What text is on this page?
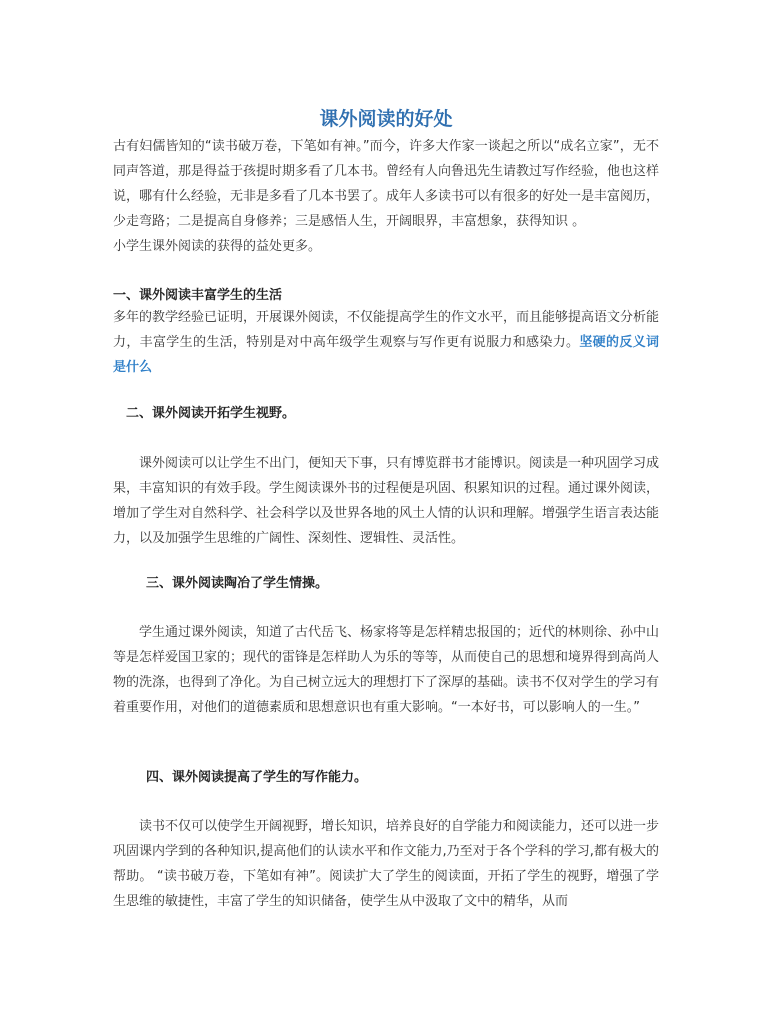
课外阅读的好处

古有妇儒皆知的“读书破万卷，下笔如有神。”而今，许多大作家一谈起之所以“成名立家”，无不同声答道，那是得益于孩提时期多看了几本书。曾经有人向鲁迅先生请教过写作经验，他也这样说，哪有什么经验，无非是多看了几本书罢了。成年人多读书可以有很多的好处一是丰富阅历，少走弯路；二是提高自身修养；三是感悟人生，开阔眼界，丰富想象，获得知识 。

小学生课外阅读的获得的益处更多。

一、课外阅读丰富学生的生活

多年的教学经验已证明，开展课外阅读，不仅能提高学生的作文水平，而且能够提高语文分析能力，丰富学生的生活，特别是对中高年级学生观察与写作更有说服力和感染力。坚硬的反义词是什么

二、课外阅读开拓学生视野。

课外阅读可以让学生不出门，便知天下事，只有博览群书才能博识。阅读是一种巩固学习成果，丰富知识的有效手段。学生阅读课外书的过程便是巩固、积累知识的过程。通过课外阅读，增加了学生对自然科学、社会科学以及世界各地的风土人情的认识和理解。增强学生语言表达能力，以及加强学生思维的广阔性、深刻性、逻辑性、灵活性。

三、课外阅读陶冶了学生情操。

学生通过课外阅读，知道了古代岳飞、杨家将等是怎样精忠报国的；近代的林则徐、孙中山等是怎样爱国卫家的；现代的雷锋是怎样助人为乐的等等，从而使自己的思想和境界得到高尚人物的洗涤，也得到了净化。为自己树立远大的理想打下了深厚的基础。读书不仅对学生的学习有着重要作用，对他们的道德素质和思想意识也有重大影响。“一本好书，可以影响人的一生。”

四、课外阅读提高了学生的写作能力。

读书不仅可以使学生开阔视野，增长知识，培养良好的自学能力和阅读能力，还可以进一步巩固课内学到的各种知识,提高他们的认读水平和作文能力,乃至对于各个学科的学习,都有极大的帮助。 “读书破万卷，下笔如有神”。阅读扩大了学生的阅读面，开拓了学生的视野，增强了学生思维的敏捷性，丰富了学生的知识储备，使学生从中汲取了文中的精华，从而
